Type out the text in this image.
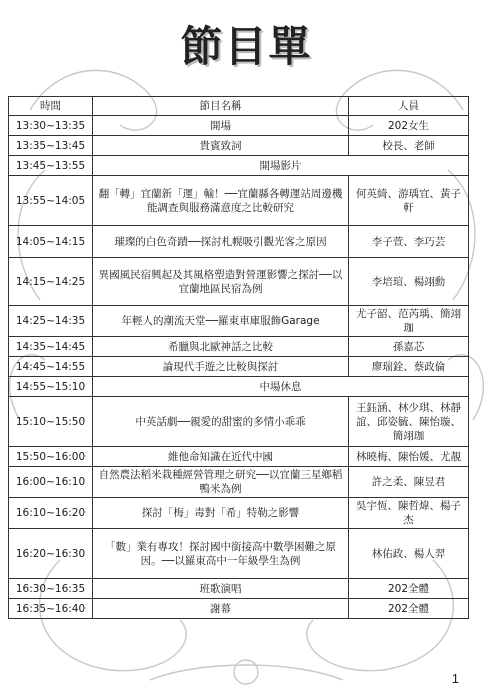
節目單
時間	節目名稱	人員
13:30~13:35	開場	202女生
13:35~13:45	貴賓致詞	校長、老師
13:45~13:55	開場影片	
13:55~14:05	翻「轉」宜蘭新「運」輸！──宜蘭縣各轉運站周邊機能調查與服務滿意度之比較研究	何英綺、游瑀宜、黃子軒
14:05~14:15	璀璨的白色奇蹟──探討札幌吸引觀光客之原因	李子萱、李巧芸
14:15~14:25	異國風民宿興起及其風格塑造對營運影響之探討──以宜蘭地區民宿為例	李培瑄、楊翊勳
14:25~14:35	年輕人的潮流天堂──羅東車庫服飾Garage	尤子韶、范芮瑀、簡翊珈
14:35~14:45	希臘與北歐神話之比較	孫嘉芯
14:45~14:55	論現代手遊之比較與探討	廖瑞銓、蔡政倫
14:55~15:10	中場休息	
15:10~15:50	中英話劇──親愛的甜蜜的多情小乖乖	王鈺涵、林少琪、林靜誼、邱姿毓、陳怡璇、簡翊珈
15:50~16:00	維他命知識在近代中國	林曉梅、陳怡媛、尤靚
16:00~16:10	自然農法稻米栽種經營管理之研究──以宜蘭三星鄉稻鴨米為例	許之柔、陳昱君
16:10~16:20	探討「梅」毒對「希」特勒之影響	吳宇恆、陳哲煒、楊子杰
16:20~16:30	「數」業有專攻！探討國中銜接高中數學困難之原因。──以羅東高中一年級學生為例	林佑政、楊人羿
16:30~16:35	班歌演唱	202全體
16:35~16:40	謝幕	202全體
1
